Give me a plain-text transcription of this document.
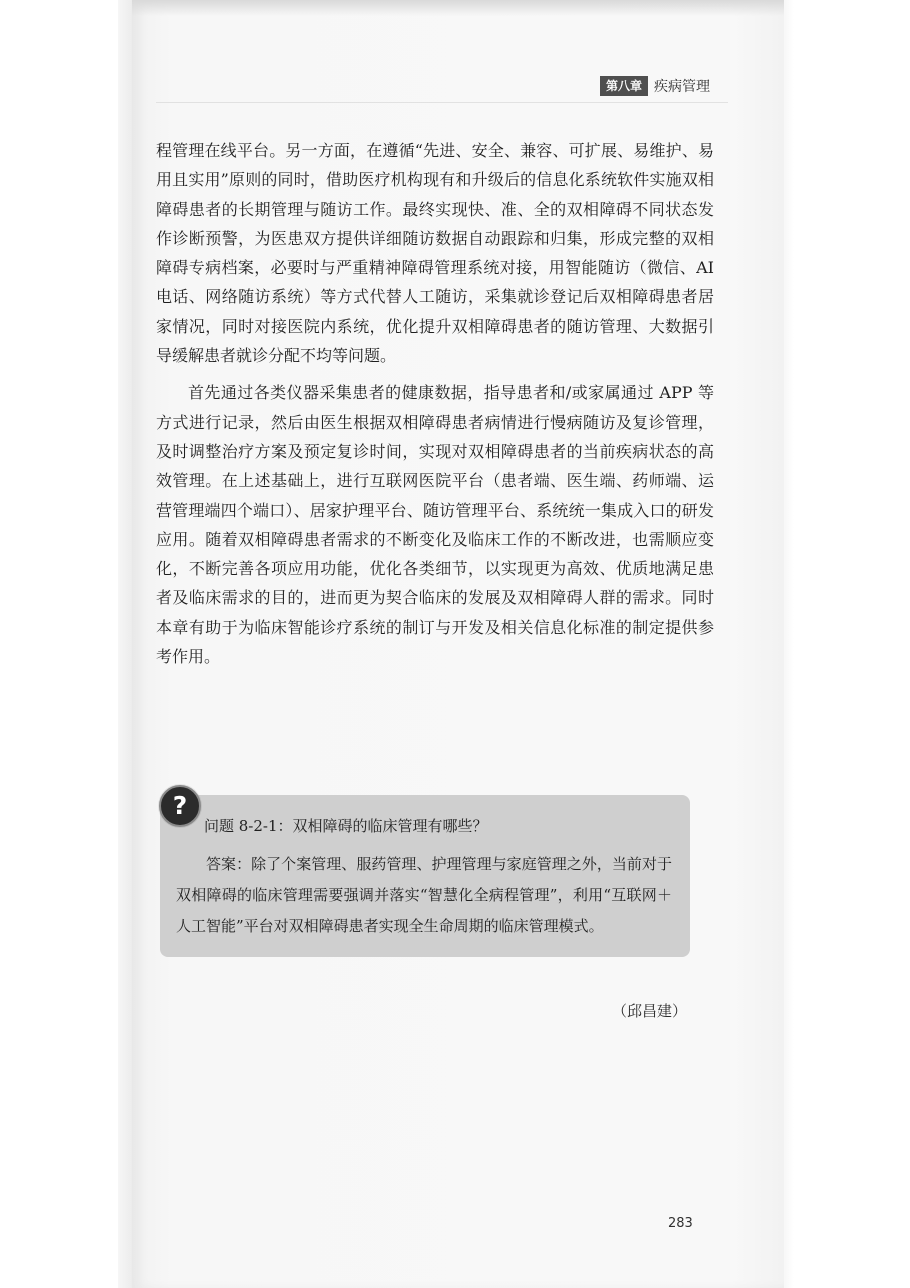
第八章 疾病管理

程管理在线平台。另一方面，在遵循“先进、安全、兼容、可扩展、易维护、易用且实用”原则的同时，借助医疗机构现有和升级后的信息化系统软件实施双相障碍患者的长期管理与随访工作。最终实现快、准、全的双相障碍不同状态发作诊断预警，为医患双方提供详细随访数据自动跟踪和归集，形成完整的双相障碍专病档案，必要时与严重精神障碍管理系统对接，用智能随访（微信、AI 电话、网络随访系统）等方式代替人工随访，采集就诊登记后双相障碍患者居家情况，同时对接医院内系统，优化提升双相障碍患者的随访管理、大数据引导缓解患者就诊分配不均等问题。

首先通过各类仪器采集患者的健康数据，指导患者和/或家属通过 APP 等方式进行记录，然后由医生根据双相障碍患者病情进行慢病随访及复诊管理，及时调整治疗方案及预定复诊时间，实现对双相障碍患者的当前疾病状态的高效管理。在上述基础上，进行互联网医院平台（患者端、医生端、药师端、运营管理端四个端口）、居家护理平台、随访管理平台、系统统一集成入口的研发应用。随着双相障碍患者需求的不断变化及临床工作的不断改进，也需顺应变化，不断完善各项应用功能，优化各类细节，以实现更为高效、优质地满足患者及临床需求的目的，进而更为契合临床的发展及双相障碍人群的需求。同时本章有助于为临床智能诊疗系统的制订与开发及相关信息化标准的制定提供参考作用。

?
问题 8-2-1：双相障碍的临床管理有哪些？
答案：除了个案管理、服药管理、护理管理与家庭管理之外，当前对于双相障碍的临床管理需要强调并落实“智慧化全病程管理”，利用“互联网＋人工智能”平台对双相障碍患者实现全生命周期的临床管理模式。
（邱昌建）
283
